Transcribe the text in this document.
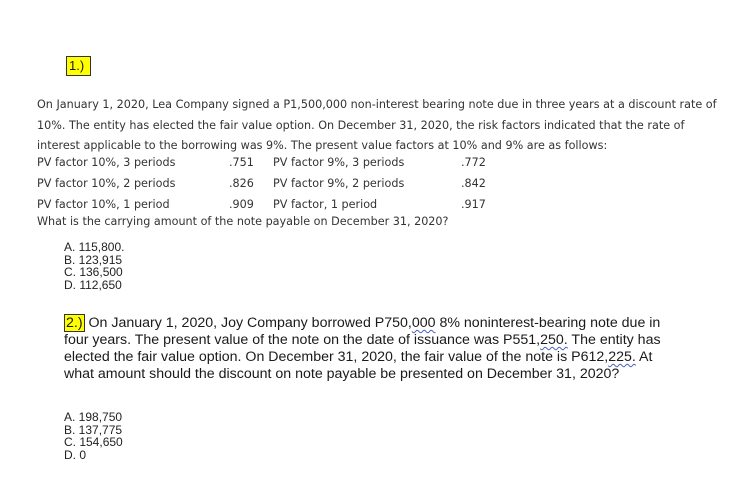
1.)
On January 1, 2020, Lea Company signed a P1,500,000 non-interest bearing note due in three years at a discount rate of 10%. The entity has elected the fair value option. On December 31, 2020, the risk factors indicated that the rate of interest applicable to the borrowing was 9%. The present value factors at 10% and 9% are as follows:
PV factor 10%, 3 periods	.751 PV factor 9%, 3 periods	.772
PV factor 10%, 2 periods	.826 PV factor 9%, 2 periods	.842
PV factor 10%, 1 period	.909 PV factor, 1 period	.917
What is the carrying amount of the note payable on December 31, 2020?
A. 115,800.
B. 123,915
C. 136,500
D. 112,650
2.) On January 1, 2020, Joy Company borrowed P750,000 8% noninterest-bearing note due in four years. The present value of the note on the date of issuance was P551,250. The entity has elected the fair value option. On December 31, 2020, the fair value of the note is P612,225. At what amount should the discount on note payable be presented on December 31, 2020?
A. 198,750
B. 137,775
C. 154,650
D. 0
